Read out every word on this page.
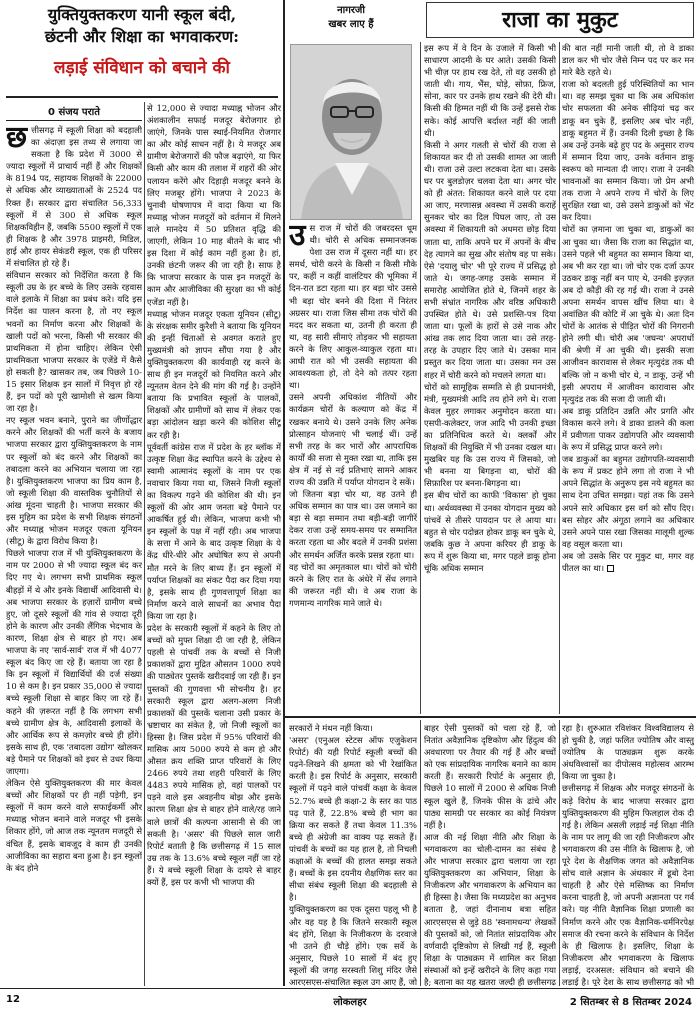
युक्तियुक्तकरण यानी स्कूल बंदी,
छंटनी और शिक्षा का भगवाकरण:
लड़ाई संविधान को बचाने की
0 संजय पराते
छ त्तीसगढ़ में स्कूली शिक्षा को बदहाली का अंदाज़ा इस तथ्य से लगाया जा सकता है कि प्रदेश में 3000 से ज्यादा स्कूलों में प्राचार्य नहीं हैं और शिक्षकों के 8194 पद, सहायक शिक्षकों के 22000 से अधिक और व्याख्याताओं के 2524 पद रिक्त हैं। सरकार द्वारा संचालित 56,333 स्कूलों में से 300 से अधिक स्कूल शिक्षकविहीन हैं, जबकि 5500 स्कूलों में एक ही शिक्षक है और 3978 प्राइमरी, मिडिल, हाई और हायर सेकंडरी स्कूल, एक ही परिसर में संचालित हो रहे हैं।

संविधान सरकार को निर्देशित करता है कि स्कूली उम्र के हर बच्चे के लिए उसके रहवास वाले इलाके में शिक्षा का प्रबंध करे। यदि इस निर्देश का पालन करना है, तो नए स्कूल भवनों का निर्माण करना और शिक्षकों के खाली पदों को भरना, किसी भी सरकार की प्राथमिकता में होना चाहिए। लेकिन ऐसी प्राथमिकता भाजपा सरकार के एजेंडे में कैसे हो सकती है? खासकर तब, जब पिछले 10-15 इसार शिक्षक इन सालों में निवृत्त हो रहे हैं, इन पदों को पूरी खामोशी से खत्म किया जा रहा है।

नए स्कूल भवन बनाने, पुराने का जीर्णोद्धार करने और शिक्षकों की भर्ती करने के बजाय भाजपा सरकार द्वारा युक्तियुक्तकरण के नाम पर स्कूलों को बंद करने और शिक्षकों का तबादला करने का अभियान चलाया जा रहा है। युक्तियुक्तकरण भाजपा का प्रिय काम है, जो स्कूली शिक्षा की वास्तविक चुनौतियों से आंख मूंदना चाहती है। भाजपा सरकार की इस मुहिम का प्रदेश के सभी शिक्षक संगठनों और मध्याह्न भोजन मजदूर एकता यूनियन (सीटू) के द्वारा विरोध किया है।

पिछले भाजपा राज में भी युक्तियुक्तकरण के नाम पर 2000 से भी ज्यादा स्कूल बंद कर दिए गए थे। लगभग सभी प्राथमिक स्कूल बीहड़ों में थे और इनके विद्यार्थी आदिवासी थे। अब भाजपा सरकार के हज़ारों ग्रामीण बच्चे हुए, जो दूसरे स्कूलों की गांव से ज्यादा दूरी होने के कारण और उनकी लैंगिक भेदभाव के कारण, शिक्षा क्षेत्र से बाहर हो गए। अब भाजपा के नए 'सार्व-सार्व' राज में भी 4077 स्कूल बंद किए जा रहे हैं। बताया जा रहा है कि इन स्कूलों में विद्यार्थियों की दर्ज संख्या 10 से कम है। इन प्रकार 35,000 से ज्यादा बच्चे स्कूली शिक्षा से बाहर किए जा रहे हैं। कहने की ज़रूरत नहीं है कि लगभग सभी बच्चे ग्रामीण क्षेत्र के, आदिवासी इलाकों के और आर्थिक रूप से कमज़ोर बच्चे ही होंगे। इसके साथ ही, एक 'तबादला उद्योग' खोलकर बड़े पैमाने पर शिक्षकों को इधर से उधर किया जाएगा।

लेकिन ऐसे युक्तियुक्तकरण की मार केवल बच्चों और शिक्षकों पर ही नहीं पड़ेगी, इन स्कूलों में काम करने वाले सफाईकर्मी और मध्याह्न भोजन बनाने वाले मजदूर भी इसके शिकार होंगे, जो आज तक न्यूनतम मजदूरी से वंचित हैं, इसके बावजूद वे काम ही उनकी आजीविका का सहारा बना हुआ है। इन स्कूलों के बंद होने

से 12,000 से ज्यादा मध्याह्न भोजन और अंशकालीन सफाई मजदूर बेरोजगार हो जाएंगे, जिनके पास स्थाई-नियमित रोजगार का और कोई साधन नहीं है। ये मजदूर अब ग्रामीण बेरोजगारों की फौज बढ़ाएंगे, या फिर किसी और काम की तलाश में शहरों की ओर पलायन करेंगे और दिहाड़ी मजदूर बनने के लिए मजबूर होंगे। भाजपा ने 2023 के चुनावी घोषणापत्र में वादा किया था कि मध्याह्न भोजन मजदूरों को वर्तमान में मिलने वाले मानदेय में 50 प्रतिशत वृद्धि की जाएगी, लेकिन 10 माह बीतने के बाद भी इस दिशा में कोई काम नहीं हुआ है। हां, उनकी छंटनी जरूर की जा रही है। साफ है कि भाजपा सरकार के पास इन मजदूरों के काम और आजीविका की सुरक्षा का भी कोई एजेंडा नहीं है।

मध्याह्न भोजन मजदूर एकता यूनियन (सीटू) के संरक्षक समीर कुरैशी ने बताया कि यूनियन की इन्हीं चिंताओं से अवगत कराते हुए मुख्यमंत्री को ज्ञापन सौंपा गया है और युक्तियुक्तकरण की कार्यवाही रद्द करने के साथ ही इन मजदूरों को नियमित करने और न्यूनतम वेतन देने की मांग की गई है। उन्होंने बताया कि प्रभावित स्कूलों के पालकों, शिक्षकों और ग्रामीणों को साथ में लेकर एक बड़ा आंदोलन खड़ा करने की कोशिश सीटू कर रही है।

पूर्ववर्ती कांग्रेस राज में प्रदेश के हर ब्लॉक में उत्कृष्ट शिक्षा केंद्र स्थापित करने के उद्देश्य से स्वामी आत्मानंद स्कूलों के नाम पर एक नवाचार किया गया था, जिसने निजी स्कूलों का विकल्प गढ़ने की कोशिश की थी। इन स्कूलों की ओर आम जनता बड़े पैमाने पर आकर्षित हुई थी। लेकिन, भाजपा कभी भी इन स्कूलों के पक्ष में नहीं रही। अब भाजपा के सत्ता में आने के बाद उत्कृष्ट शिक्षा के ये केंद्र धीरे-धीरे और अघोषित रूप से अपनी मौत मरने के लिए बाध्य हैं। इन स्कूलों में पर्याप्त शिक्षकों का संकट पैदा कर दिया गया है, इसके साथ ही गुणवत्तापूर्ण शिक्षा का निर्माण करने वाले साधनों का अभाव पैदा किया जा रहा है।

प्रदेश के सरकारी स्कूलों में कहने के लिए तो बच्चों को मुफ्त शिक्षा दी जा रही है, लेकिन पहली से पांचवीं तक के बच्चों से निजी प्रकाशकों द्वारा मुद्रित औसतन 1000 रुपये की पाठ्येतर पुस्तकें खरीदवाई जा रही हैं। इन पुस्तकों की गुणवत्ता भी सोचनीय है। हर सरकारी स्कूल द्वारा अलग-अलग निजी प्रकाशकों की पुस्तकें चलाना उसी प्रकार के भ्रष्टाचार का संकेत है, जो निजी स्कूलों का हिस्सा है। जिस प्रदेश में 95% परिवारों की मासिक आय 5000 रुपये से कम हो और औसत क्रय शक्ति प्राप्त परिवारों के लिए 2466 रुपये तथा शहरी परिवारों के लिए 4483 रुपये मासिक हो, वहां पालकों पर पड़ने वाले इस अवहनीय बोझ और इसके कारण शिक्षा क्षेत्र से बाहर होने वाले/रह जाने वाले छात्रों की कल्पना आसानी से की जा सकती है। 'असर' की पिछले साल जारी रिपोर्ट बताती है कि छत्तीसगढ़ में 15 साल उम्र तक के 13.6% बच्चे स्कूल नहीं जा रहे हैं। ये बच्चे स्कूली शिक्षा के दायरे से बाहर क्यों हैं, इस पर कभी भी भाजपा की

नागरजी
खबर लाए हैं	राजा का मुकुट
उ स राज में चोरों की जबरदस्त धूम थी। चोरी से अधिक सम्मानजनक पेशा उस राज में दूसरा नहीं था। हर समर्थ, चोरी करने के किसी न किसी मौके पर, कहीं न कहीं वालंटियर की भूमिका में दिन-रात डटा रहता था। हर बड़ा चोर उससे भी बड़ा चोर बनने की दिशा में निरंतर अग्रसर था। राजा जिस सीमा तक चोरों की मदद कर सकता था, उतनी ही करता ही था, वह सारी सीमाएं तोड़कर भी सहायता करने के लिए आकुल-व्याकुल रहता था। आधी रात को भी उसकी सहायता की आवश्यकता हो, तो देने को तत्पर रहता था।

उसने अपनी अधिकांश नीतियों और कार्यक्रम चोरों के कल्याण को केंद्र में रखकर बनाये थे। उसने उनके लिए अनेक प्रोत्साहन योजनाएं भी चलाई थीं। उन्हें सभी तरह के कर भारों और आपराधिक कार्यों की सजा से मुक्त रखा था, ताकि इस क्षेत्र में नई से नई प्रतिभाएं सामने आकर राज्य की उन्नति में पर्याप्त योगदान दे सकें।

जो जितना बड़ा चोर था, वह उतने ही अधिक सम्मान का पात्र था। उस जमाने का बड़ा से बड़ा सम्मान तथा बड़ी-बड़ी जागीरें देकर राजा उन्हें समय-समय पर सम्मानित करता रहता था और बदले में उनकी प्रशंसा और समर्थन अर्जित करके प्रसन्न रहता था।

वह चोरों का अमृतकाल था। चोरों को चोरी करने के लिए रात के अंधेरे में सेंध लगाने की जरूरत नहीं थी। वे अब राजा के गणमान्य नागरिक माने जाते थे।

इस रूप में वे दिन के उजाले में किसी भी साधारण आदमी के घर आते। उसकी किसी भी चीज़ पर हाथ रख देते, तो वह उसकी हो जाती थी। गाय, भैंस, घोड़े, सोफ़ा, फ्रिज, सोना, कार पर उनके हाथ रखने की देरी थी। किसी की हिम्मत नहीं थी कि उन्हें इससे रोक सके। कोई आपत्ति बर्दाश्त नहीं की जाती थी।

किसी ने अगर गलती से चोरों की राजा से शिकायत कर दी तो उसकी शामत आ जाती थी। राजा उसे उल्टा लटकवा देता था। उसके घर पर बुलडोज़र चलवा देता था। अगर चोर को ही अंतत: शिकायत करने वाले पर दया आ जाए, मरणासन्न अवस्था में उसकी कराहें सुनकर चोर का दिल पिघल जाए, तो उस अवस्था में शिकायती को अधमरा छोड़ दिया जाता था, ताकि अपने घर में अपनों के बीच देह त्यागने का सुख और संतोष वह पा सके। ऐसे 'दयालु चोर' भी पूरे राज्य में प्रसिद्ध हो जाते थे। जगह-जगह उसके सम्मान में समारोह आयोजित होते थे, जिनमें शहर के सभी संभ्रांत नागरिक और वरिष्ठ अधिकारी उपस्थित होते थे। उसे प्रशस्ति-पत्र दिया जाता था। फूलों के हारों से उसे नाक और आंख तक लाद दिया जाता था। उसे तरह-तरह के उपहार दिए जाते थे। उसका मान प्रस्तुत कर दिया जाता था। उसका मन उस शहर में चोरी करने को मचलने लगता था।

चोरों को सामूहिक सम्मति से ही प्रधानमंत्री, मंत्री, मुख्यमंत्री आदि तय होने लगे थे। राजा केवल मुहर लगाकर अनुमोदन करता था। एसपी-कलेक्टर, जज आदि भी उनकी इच्छा का प्रतिनिधित्व करते थे। क्लर्कों और शिक्षकों की नियुक्ति में भी उनका दखल था। मुखबिर यह कि उस राज्य में जिसको, जो भी बनना या बिगड़ना था, चोरों की सिफ़ारिश पर बनना-बिगड़ना था।

इस बीच चोरों का काफी 'विकास' हो चुका था। अर्थव्यवस्था में उनका योगदान मुख्य को पांचवें से तीसरे पायदान पर ले आया था। बहुत से चोर पदोन्नत होकर डाकू बन चुके थे, जबकि कुछ ने अपना करियर ही डाकू के रूप में शुरू किया था, मगर पहले डाकू होना चूंकि अधिक सम्मान

की बात नहीं मानी जाती थी, तो वे डाका डाल कर भी चोर जैसे निम्न पद पर कर मन मारे बैठे रहते थे।

राजा को बदलती हुई परिस्थितियों का भान था। वह समझ चुका था कि अब अधिकांश चोर सफलता की अनेक सीढ़ियां चढ़ कर डाकू बन चुके हैं, इसलिए अब चोर नहीं, डाकू बहुमत में हैं। उनकी दिली इच्छा है कि अब उन्हें उनके बढ़े हुए पद के अनुसार राज्य में सम्मान दिया जाए, उनके वर्तमान डाकू स्वरूप को मान्यता दी जाए। राजा ने उनकी भावनाओं का सम्मान किया। जो प्रेम अभी तक राजा ने अपने राज्य में चोरों के लिए सुरक्षित रखा था, उसे उसने डाकुओं को भेंट कर दिया।

चोरों का ज़माना जा चुका था, डाकुओं का आ चुका था। जैसा कि राजा का सिद्धांत था, उसने पहले भी बहुमत का सम्मान किया था, अब भी कर रहा था। जो चोर एक दर्जा ऊपर उठकर डाकू नहीं बन पाए थे, उनकी इज़्ज़त अब दो कौड़ी की रह गई थी। राजा ने उनसे अपना समर्थन वापस खींच लिया था। वे अवांछित की कोटि में आ चुके थे। अतः दिन चोरों के आतंक से पीड़ित चोरों की निगरानी होने लगी थी। चोरी अब 'जघन्य' अपराधों की श्रेणी में आ चुकी थी। इसकी सजा आजीवन कारावास से लेकर मृत्युदंड तक थी बल्कि जो न कभी चोर थे, न डाकू, उन्हें भी इसी अपराध में आजीवन कारावास और मृत्युदंड तक की सजा दी जाती थी।

अब डाकू प्रतिदिन उन्नति और प्रगति और विकास करने लगे। वे डाका डालने की कला में प्रवीणता पाकर उद्योगपति और व्यवसायी के रूप में प्रसिद्ध प्राप्त करने लगे।

जब डाकुओं का बहुमत उद्योगपति-व्यवसायी के रूप में प्रकट होने लगा तो राजा ने भी अपने सिद्धांत के अनुरूप इस नये बहुमत का साथ देना उचित समझा। यहां तक कि उसने अपने सारे अधिकार इस वर्ग को सौंप दिए। बस सोहर और अंगूठा लगाने का अधिकार उसने अपने पास रखा जिसका मालूमी शुल्क वह वसूल करता था।

अब जो उसके सिर पर मुकुट था, मगर वह पीतल का था।

सरकारों ने मंथन नहीं किया।

'असर' (एनुअल स्टेटस ऑफ एजुकेशन रिपोर्ट) की यही रिपोर्ट स्कूली बच्चों की पढ़ने-लिखने की क्षमता को भी रेखांकित करती है। इस रिपोर्ट के अनुसार, सरकारी स्कूलों में पढ़ने वाले पांचवीं कक्षा के केवल 52.7% बच्चे ही कक्षा-2 के स्तर का पाठ पढ़ पाते हैं, 22.8% बच्चे ही भाग का क्रिया कर सकते हैं तथा केवल 11.3% बच्चे ही अंग्रेजी का वाक्य पढ़ सकते हैं। पांचवीं के बच्चों का यह हाल है, तो निचली कक्षाओं के बच्चों की हालत समझ सकते हैं। बच्चों के इस दयनीय शैक्षणिक स्तर का सीधा संबंध स्कूली शिक्षा की बदहाली से है।

युक्तियुक्तकरण का एक दूसरा पहलू भी है और वह यह है कि जितने सरकारी स्कूल बंद होंगे, शिक्षा के निजीकरण के दरवाजे भी उतने ही चौड़े होंगे। एक सर्वे के अनुसार, पिछले 10 सालों में बंद हुए स्कूलों की जगह सरस्वती शिशु मंदिर जैसे आरएसएस-संचालित स्कूल उग आए हैं, जो

बाहर ऐसी पुस्तकों को चला रहे हैं, जो नितांत अवैज्ञानिक दृष्टिकोण और हिंदुत्व की अवधारणा पर तैयार की गई हैं और बच्चों को एक सांप्रदायिक नागरिक बनाने का काम करती हैं। सरकारी रिपोर्ट के अनुसार ही, पिछले 10 सालों में 2000 से अधिक निजी स्कूल खुले हैं, जिनके फीस के ढांचे और पाठ्य सामग्री पर सरकार का कोई नियंत्रण नहीं है।

आज की नई शिक्षा नीति और शिक्षा के भगवाकरण का चोली-दामन का संबंध है और भाजपा सरकार द्वारा चलाया जा रहा युक्तियुक्तकरण का अभियान, शिक्षा के निजीकरण और भगवाकरण के अभियान का ही हिस्सा है। जैसा कि मध्यप्रदेश का अनुभव बताता है, जहां दीनानाथ बत्रा सहित आरएसएस से जुड़े 88 'स्वनामधन्य' लेखकों की पुस्तकों को, जो नितांत सांप्रदायिक और वर्णवादी दृष्टिकोण से लिखी गई हैं, स्कूली शिक्षा के पाठ्यक्रम में शामिल कर शिक्षा संस्थाओं को इन्हें खरीदने के लिए कहा गया है; बताना का यह खतरा जल्दी ही छत्तीसगढ़

रहा है। शुरुआत रविशंकर विश्वविद्यालय से हो चुकी है, जहां फलित ज्योतिष और वास्तु ज्योतिष के पाठ्यक्रम शुरू करके अंधविश्वासों का दीपोत्सव महोत्सव आरम्भ किया जा चुका है।

छत्तीसगढ़ में शिक्षक और मजदूर संगठनों के कड़े विरोध के बाद भाजपा सरकार द्वारा युक्तियुक्तकरण की मुहिम फिलहाल रोक दी गई है। लेकिन असली लड़ाई नई शिक्षा नीति के नाम पर लागू की जा रही निजीकरण और भगवाकरण की उस नीति के खिलाफ है, जो पूरे देश के शैक्षणिक जगत को अवैज्ञानिक सोच वाले अज्ञान के अंधकार में डूबो देना चाहती है और ऐसे मस्तिष्क का निर्माण करना चाहती है, जो अपनी अज्ञानता पर गर्व करे। यह नीति वैज्ञानिक शिक्षा प्रणाली का निर्माण करने और एक वैज्ञानिक-धर्मनिरपेक्ष समाज की रचना करने के संविधान के निर्देश के ही खिलाफ है। इसलिए, शिक्षा के निजीकरण और भगवाकरण के खिलाफ लड़ाई, दरअसल: संविधान को बचाने की लड़ाई है। पूरे देश के साथ छत्तीसगढ़ को भी

12	लोकलहर	2 सितम्बर से 8 सितम्बर 2024
